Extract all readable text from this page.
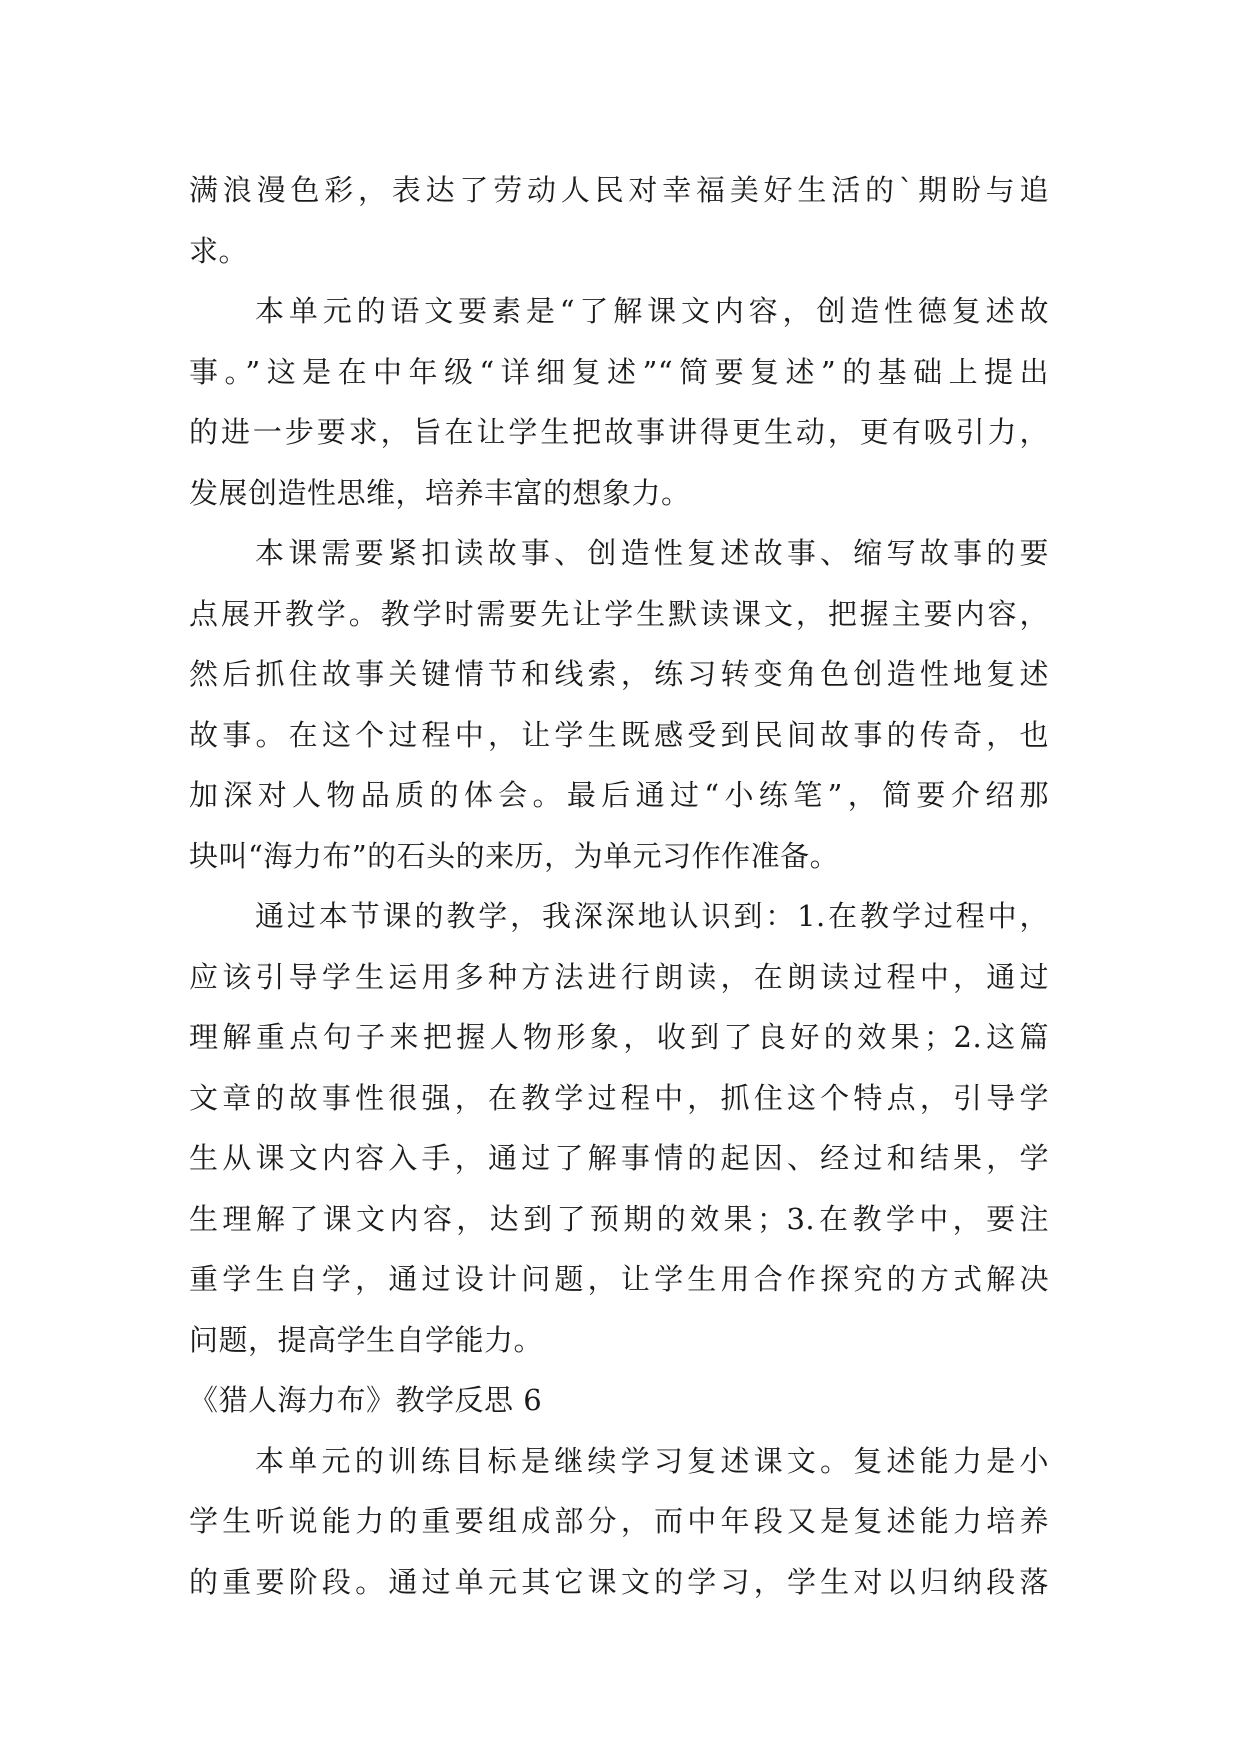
满浪漫色彩，表达了劳动人民对幸福美好生活的`期盼与追
求。
本单元的语文要素是“了解课文内容，创造性德复述故
事。”这是在中年级“详细复述”“简要复述”的基础上提出
的进一步要求，旨在让学生把故事讲得更生动，更有吸引力，
发展创造性思维，培养丰富的想象力。
本课需要紧扣读故事、创造性复述故事、缩写故事的要
点展开教学。教学时需要先让学生默读课文，把握主要内容，
然后抓住故事关键情节和线索，练习转变角色创造性地复述
故事。在这个过程中，让学生既感受到民间故事的传奇，也
加深对人物品质的体会。最后通过“小练笔”，简要介绍那
块叫“海力布”的石头的来历，为单元习作作准备。
通过本节课的教学，我深深地认识到：1.在教学过程中，
应该引导学生运用多种方法进行朗读，在朗读过程中，通过
理解重点句子来把握人物形象，收到了良好的效果；2.这篇
文章的故事性很强，在教学过程中，抓住这个特点，引导学
生从课文内容入手，通过了解事情的起因、经过和结果，学
生理解了课文内容，达到了预期的效果；3.在教学中，要注
重学生自学，通过设计问题，让学生用合作探究的方式解决
问题，提高学生自学能力。
《猎人海力布》教学反思 6
本单元的训练目标是继续学习复述课文。复述能力是小
学生听说能力的重要组成部分，而中年段又是复述能力培养
的重要阶段。通过单元其它课文的学习，学生对以归纳段落
